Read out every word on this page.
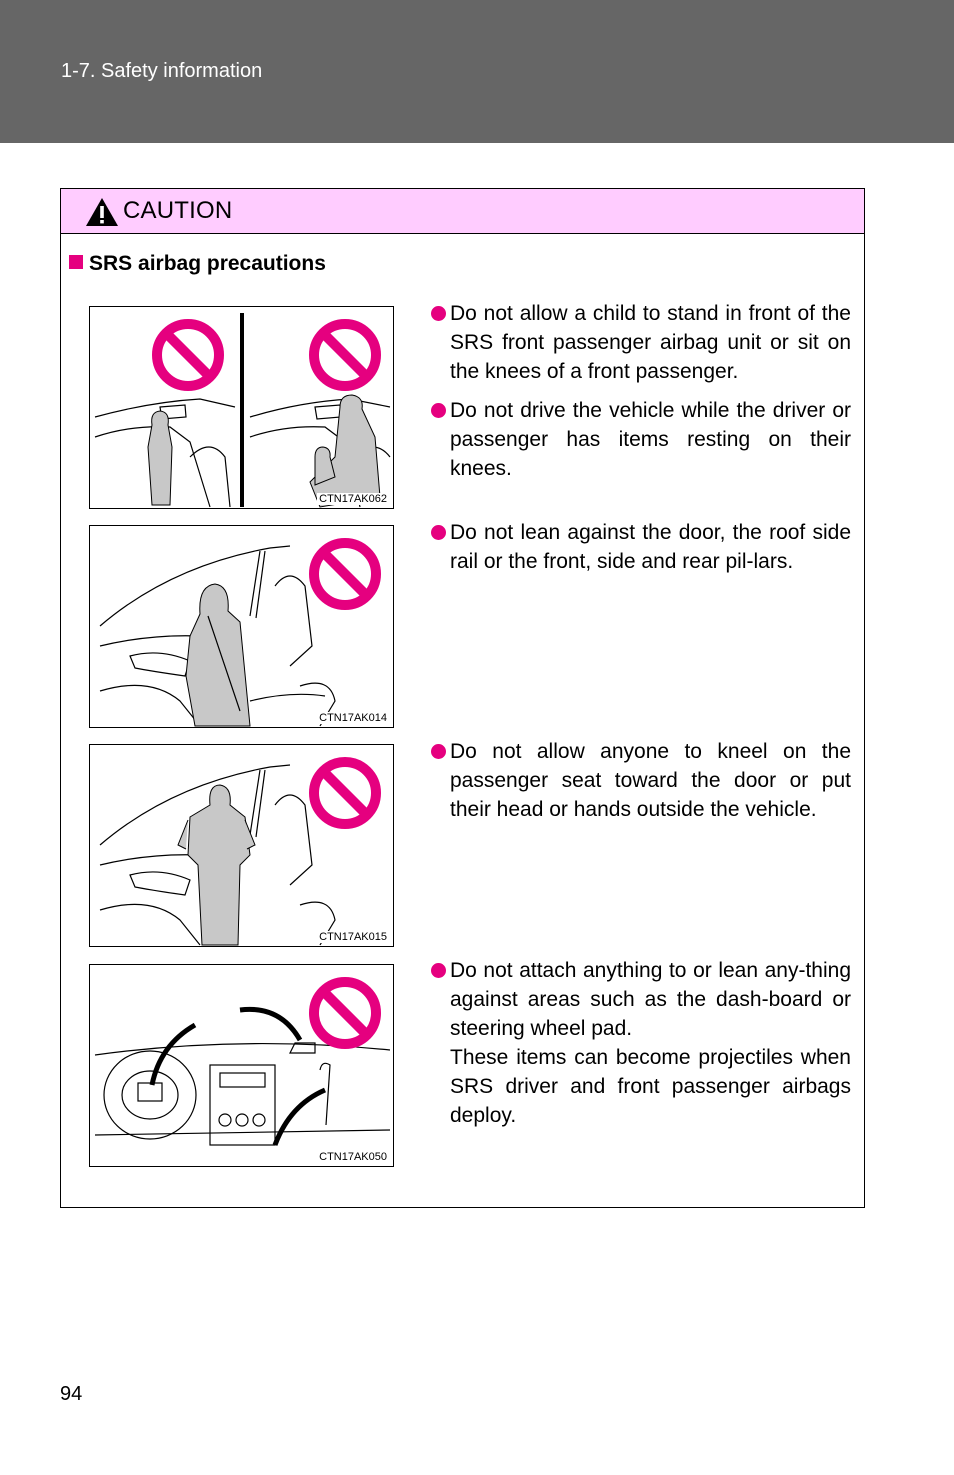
1-7. Safety information
CAUTION
SRS airbag precautions
CTN17AK062
CTN17AK014
CTN17AK015
CTN17AK050
Do not allow a child to stand in front of the SRS front passenger airbag unit or sit on the knees of a front passenger.
Do not drive the vehicle while the driver or passenger has items resting on their knees.
Do not lean against the door, the roof side rail or the front, side and rear pil-lars.
Do not allow anyone to kneel on the passenger seat toward the door or put their head or hands outside the vehicle.
Do not attach anything to or lean any-thing against areas such as the dash-board or steering wheel pad.
These items can become projectiles when SRS driver and front passenger airbags deploy.
94
